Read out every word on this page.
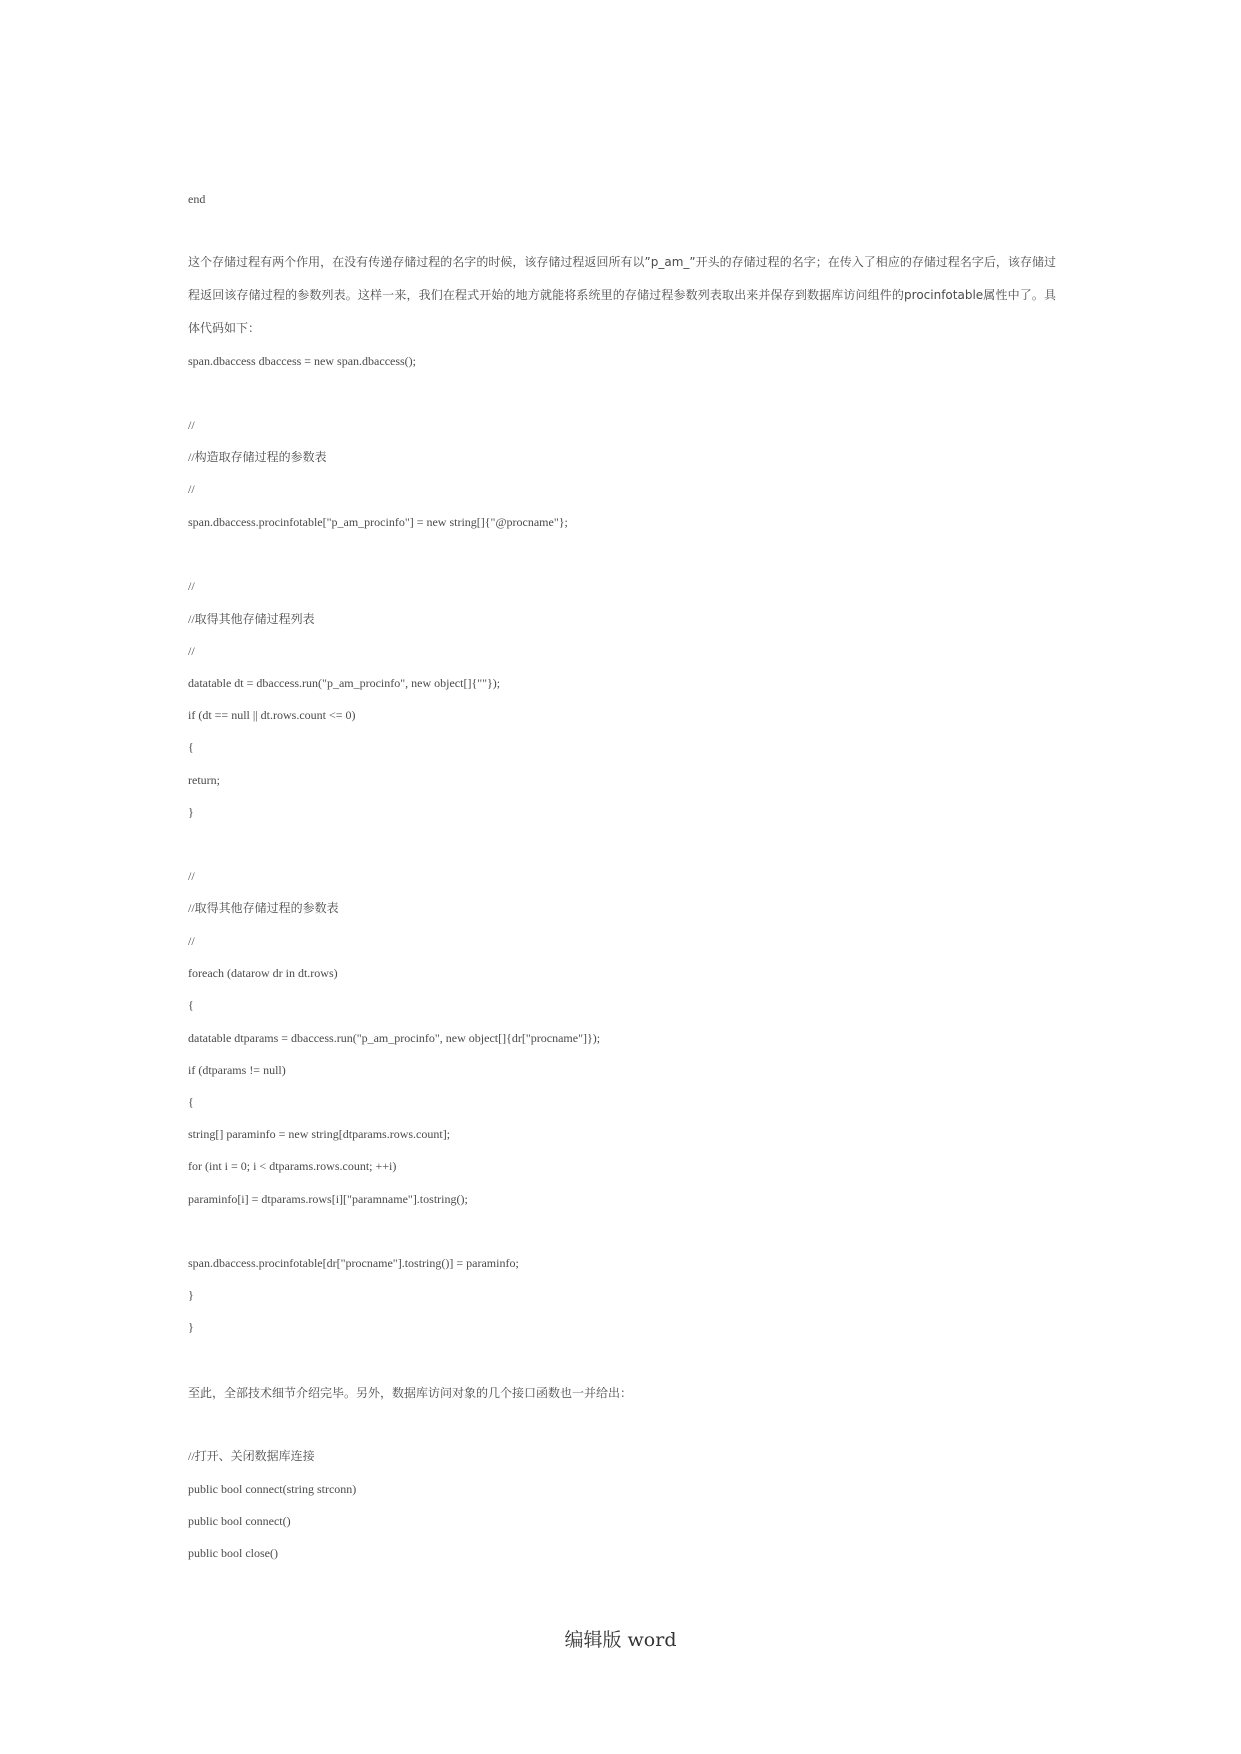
end
这个存储过程有两个作用，在没有传递存储过程的名字的时候，该存储过程返回所有以”p_am_”开头的存储过程的名字；在传入了相应的存储过程名字后，该存储过程返回该存储过程的参数列表。这样一来，我们在程式开始的地方就能将系统里的存储过程参数列表取出来并保存到数据库访问组件的procinfotable属性中了。具体代码如下：
span.dbaccess dbaccess = new span.dbaccess();
//
//构造取存储过程的参数表
//
span.dbaccess.procinfotable["p_am_procinfo"] = new string[]{"@procname"};
//
//取得其他存储过程列表
//
datatable dt = dbaccess.run("p_am_procinfo", new object[]{""});
if (dt == null || dt.rows.count <= 0)
{
return;
}
//
//取得其他存储过程的参数表
//
foreach (datarow dr in dt.rows)
{
datatable dtparams = dbaccess.run("p_am_procinfo", new object[]{dr["procname"]});
if (dtparams != null)
{
string[] paraminfo = new string[dtparams.rows.count];
for (int i = 0; i < dtparams.rows.count; ++i)
paraminfo[i] = dtparams.rows[i]["paramname"].tostring();
span.dbaccess.procinfotable[dr["procname"].tostring()] = paraminfo;
}
}
至此，全部技术细节介绍完毕。另外，数据库访问对象的几个接口函数也一并给出：
//打开、关闭数据库连接
public bool connect(string strconn)
public bool connect()
public bool close()
编辑版 word
